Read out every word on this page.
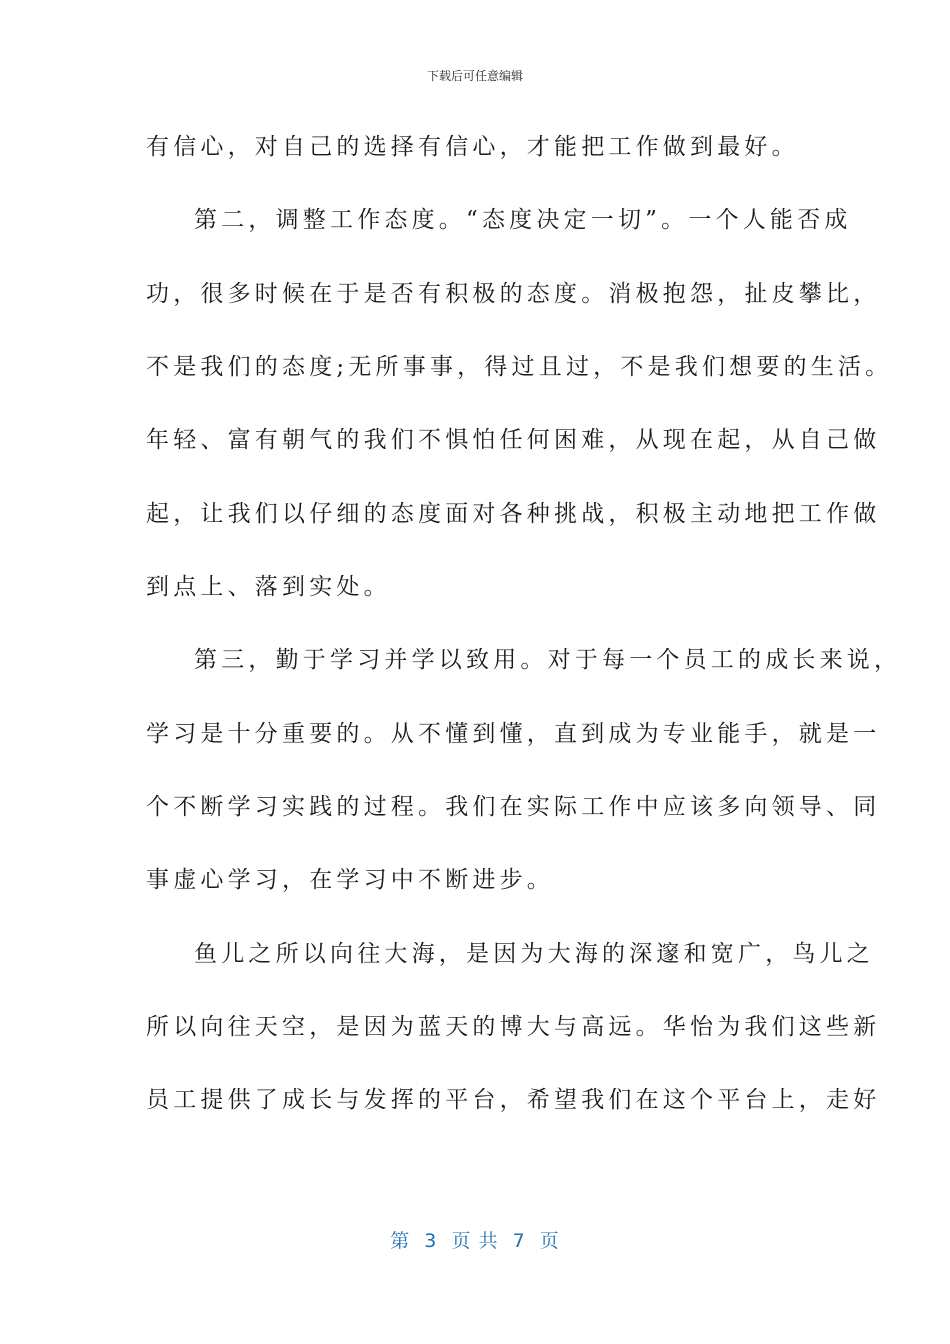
下载后可任意编辑
有信心，对自己的选择有信心，才能把工作做到最好。
第二，调整工作态度。“态度决定一切”。一个人能否成
功，很多时候在于是否有积极的态度。消极抱怨，扯皮攀比，
不是我们的态度;无所事事，得过且过，不是我们想要的生活。
年轻、富有朝气的我们不惧怕任何困难，从现在起，从自己做
起，让我们以仔细的态度面对各种挑战，积极主动地把工作做
到点上、落到实处。
第三，勤于学习并学以致用。对于每一个员工的成长来说，
学习是十分重要的。从不懂到懂，直到成为专业能手，就是一
个不断学习实践的过程。我们在实际工作中应该多向领导、同
事虚心学习，在学习中不断进步。
鱼儿之所以向往大海，是因为大海的深邃和宽广，鸟儿之
所以向往天空，是因为蓝天的博大与高远。华怡为我们这些新
员工提供了成长与发挥的平台，希望我们在这个平台上，走好
第  3  页 共  7  页
